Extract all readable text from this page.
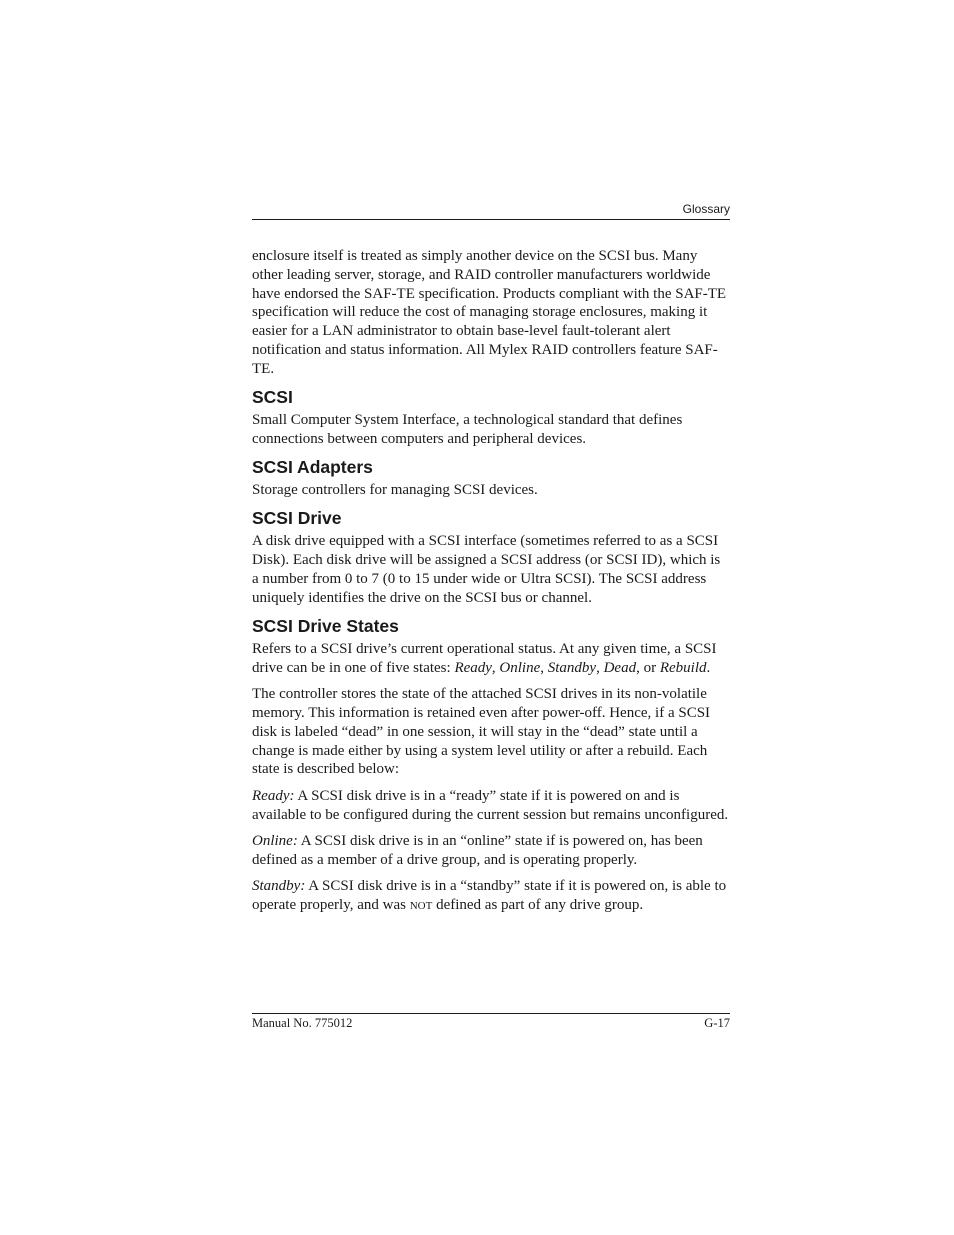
Glossary

enclosure itself is treated as simply another device on the SCSI bus. Many other leading server, storage, and RAID controller manufacturers worldwide have endorsed the SAF-TE specification. Products compliant with the SAF-TE specification will reduce the cost of managing storage enclosures, making it easier for a LAN administrator to obtain base-level fault-tolerant alert notification and status information. All Mylex RAID controllers feature SAF-TE.

SCSI

Small Computer System Interface, a technological standard that defines connections between computers and peripheral devices.

SCSI Adapters

Storage controllers for managing SCSI devices.

SCSI Drive

A disk drive equipped with a SCSI interface (sometimes referred to as a SCSI Disk). Each disk drive will be assigned a SCSI address (or SCSI ID), which is a number from 0 to 7 (0 to 15 under wide or Ultra SCSI). The SCSI address uniquely identifies the drive on the SCSI bus or channel.

SCSI Drive States

Refers to a SCSI drive’s current operational status. At any given time, a SCSI drive can be in one of five states: Ready, Online, Standby, Dead, or Rebuild.

The controller stores the state of the attached SCSI drives in its non-volatile memory. This information is retained even after power-off. Hence, if a SCSI disk is labeled “dead” in one session, it will stay in the “dead” state until a change is made either by using a system level utility or after a rebuild. Each state is described below:

Ready: A SCSI disk drive is in a “ready” state if it is powered on and is available to be configured during the current session but remains unconfigured.

Online: A SCSI disk drive is in an “online” state if is powered on, has been defined as a member of a drive group, and is operating properly.

Standby: A SCSI disk drive is in a “standby” state if it is powered on, is able to operate properly, and was not defined as part of any drive group.

Manual No. 775012	G-17
